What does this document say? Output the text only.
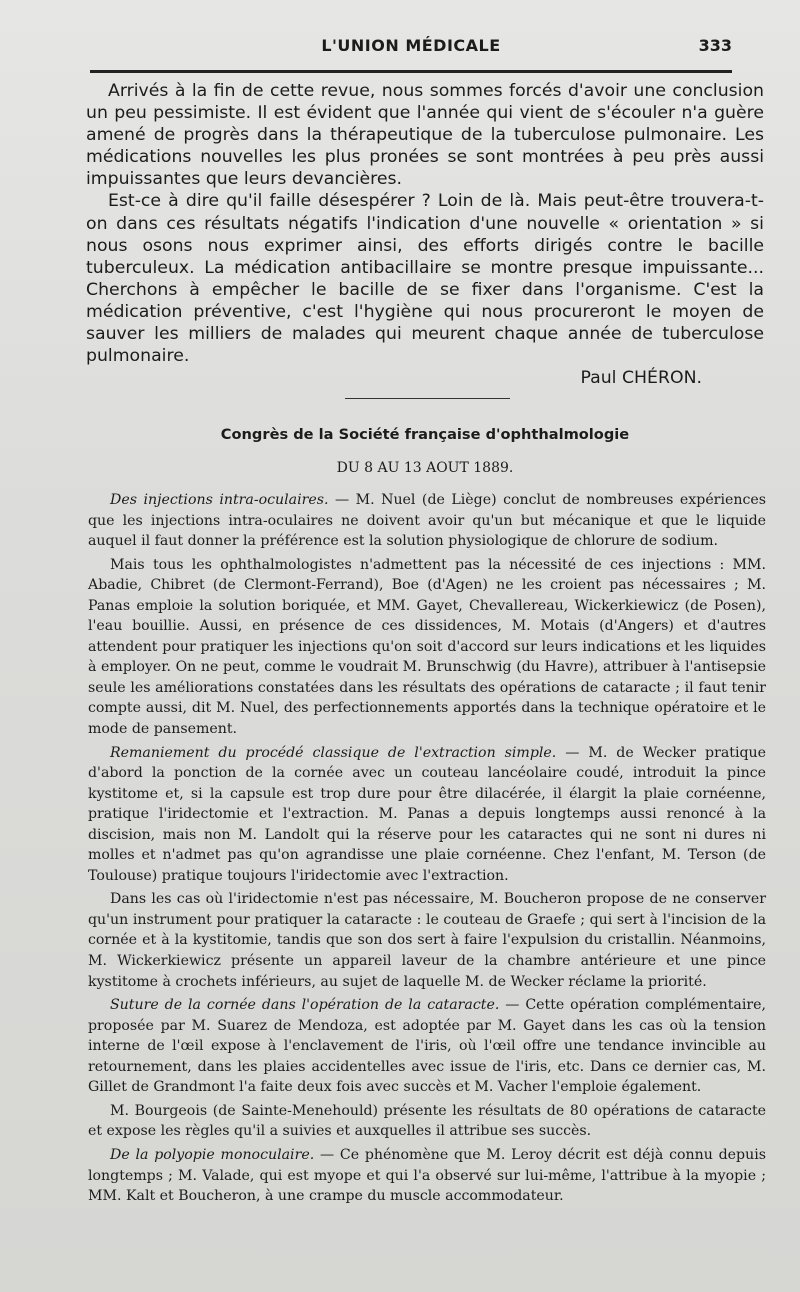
L'UNION MÉDICALE	333

Arrivés à la fin de cette revue, nous sommes forcés d'avoir une conclusion un peu pessimiste. Il est évident que l'année qui vient de s'écouler n'a guère amené de progrès dans la thérapeutique de la tuberculose pulmonaire. Les médications nouvelles les plus pronées se sont montrées à peu près aussi impuissantes que leurs devancières.

Est-ce à dire qu'il faille désespérer ? Loin de là. Mais peut-être trouvera-t-on dans ces résultats négatifs l'indication d'une nouvelle « orientation » si nous osons nous exprimer ainsi, des efforts dirigés contre le bacille tuberculeux. La médication antibacillaire se montre presque impuissante... Cherchons à empêcher le bacille de se fixer dans l'organisme. C'est la médication préventive, c'est l'hygiène qui nous procureront le moyen de sauver les milliers de malades qui meurent chaque année de tuberculose pulmonaire.
Paul CHÉRON.

Congrès de la Société française d'ophthalmologie
DU 8 AU 13 AOUT 1889.

Des injections intra-oculaires. — M. Nuel (de Liège) conclut de nombreuses expériences que les injections intra-oculaires ne doivent avoir qu'un but mécanique et que le liquide auquel il faut donner la préférence est la solution physiologique de chlorure de sodium.

Mais tous les ophthalmologistes n'admettent pas la nécessité de ces injections : MM. Abadie, Chibret (de Clermont-Ferrand), Boe (d'Agen) ne les croient pas nécessaires ; M. Panas emploie la solution boriquée, et MM. Gayet, Chevallereau, Wickerkiewicz (de Posen), l'eau bouillie. Aussi, en présence de ces dissidences, M. Motais (d'Angers) et d'autres attendent pour pratiquer les injections qu'on soit d'accord sur leurs indications et les liquides à employer. On ne peut, comme le voudrait M. Brunschwig (du Havre), attribuer à l'antisepsie seule les améliorations constatées dans les résultats des opérations de cataracte ; il faut tenir compte aussi, dit M. Nuel, des perfectionnements apportés dans la technique opératoire et le mode de pansement.

Remaniement du procédé classique de l'extraction simple. — M. de Wecker pratique d'abord la ponction de la cornée avec un couteau lancéolaire coudé, introduit la pince kystitome et, si la capsule est trop dure pour être dilacérée, il élargit la plaie cornéenne, pratique l'iridectomie et l'extraction. M. Panas a depuis longtemps aussi renoncé à la discision, mais non M. Landolt qui la réserve pour les cataractes qui ne sont ni dures ni molles et n'admet pas qu'on agrandisse une plaie cornéenne. Chez l'enfant, M. Terson (de Toulouse) pratique toujours l'iridectomie avec l'extraction.

Dans les cas où l'iridectomie n'est pas nécessaire, M. Boucheron propose de ne conserver qu'un instrument pour pratiquer la cataracte : le couteau de Graefe ; qui sert à l'incision de la cornée et à la kystitomie, tandis que son dos sert à faire l'expulsion du cristallin. Néanmoins, M. Wickerkiewicz présente un appareil laveur de la chambre antérieure et une pince kystitome à crochets inférieurs, au sujet de laquelle M. de Wecker réclame la priorité.

Suture de la cornée dans l'opération de la cataracte. — Cette opération complémentaire, proposée par M. Suarez de Mendoza, est adoptée par M. Gayet dans les cas où la tension interne de l'œil expose à l'enclavement de l'iris, où l'œil offre une tendance invincible au retournement, dans les plaies accidentelles avec issue de l'iris, etc. Dans ce dernier cas, M. Gillet de Grandmont l'a faite deux fois avec succès et M. Vacher l'emploie également.

M. Bourgeois (de Sainte-Menehould) présente les résultats de 80 opérations de cataracte et expose les règles qu'il a suivies et auxquelles il attribue ses succès.

De la polyopie monoculaire. — Ce phénomène que M. Leroy décrit est déjà connu depuis longtemps ; M. Valade, qui est myope et qui l'a observé sur lui-même, l'attribue à la myopie ; MM. Kalt et Boucheron, à une crampe du muscle accommodateur.
